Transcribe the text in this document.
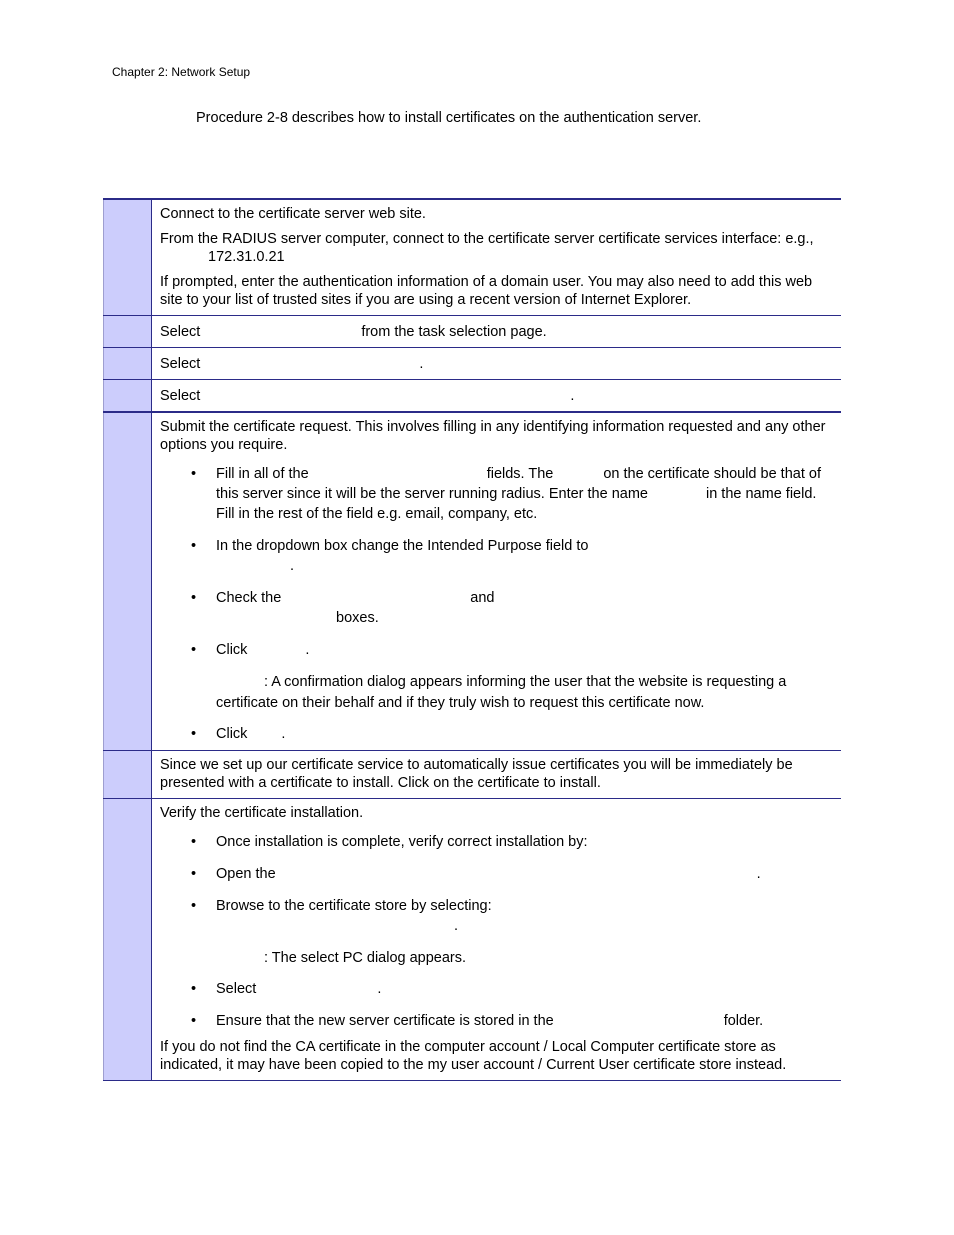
Chapter 2: Network Setup
Procedure 2-8 describes how to install certificates on the authentication server.

Connect to the certificate server web site.

From the RADIUS server computer, connect to the certificate server certificate services interface: e.g.,
172.31.0.21

If prompted, enter the authentication information of a domain user. You may also need to add this web site to your list of trusted sites if you are using a recent version of Internet Explorer.

Select	from the task selection page.

Select	.

Select	.

Submit the certificate request. This involves filling in any identifying information requested and any other options you require.

• Fill in all of the	fields. The	on the certificate should be that of this server since it will be the server running radius. Enter the name	in the name field. Fill in the rest of the field e.g. email, company, etc.
• In the dropdown box change the Intended Purpose field to
.
• Check the	and
boxes.
• Click	.
: A confirmation dialog appears informing the user that the website is requesting a certificate on their behalf and if they truly wish to request this certificate now.
• Click .

Since we set up our certificate service to automatically issue certificates you will be immediately be presented with a certificate to install. Click on the certificate to install.

Verify the certificate installation.

• Once installation is complete, verify correct installation by:
• Open the	.
• Browse to the certificate store by selecting:
.
: The select PC dialog appears.
• Select	.
• Ensure that the new server certificate is stored in the	folder.

If you do not find the CA certificate in the computer account / Local Computer certificate store as indicated, it may have been copied to the my user account / Current User certificate store instead.
